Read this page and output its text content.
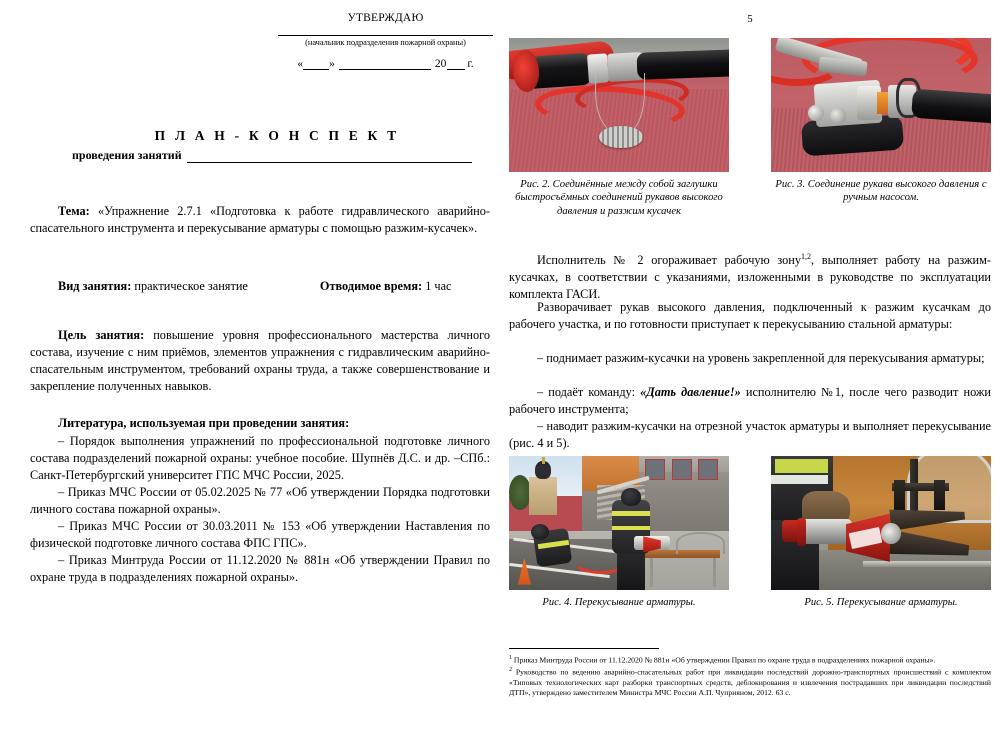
УТВЕРЖДАЮ
(начальник подразделения пожарной охраны)
« »	20 г.
П Л А Н - К О Н С П Е К Т
проведения занятий
Тема: «Упражнение 2.7.1 «Подготовка к работе гидравлического аварийно-спасательного инструмента и перекусывание арматуры с помощью разжим-кусачек».
Вид занятия: практическое занятие	Отводимое время: 1 час
Цель занятия: повышение уровня профессионального мастерства личного состава, изучение с ним приёмов, элементов упражнения с гидравлическим аварийно-спасательным инструментом, требований охраны труда, а также совершенствование и закрепление полученных навыков.
Литература, используемая при проведении занятия:
– Порядок выполнения упражнений по профессиональной подготовке личного состава подразделений пожарной охраны: учебное пособие. Шупнёв Д.С. и др. –СПб.: Санкт-Петербургский университет ГПС МЧС России, 2025.
– Приказ МЧС России от 05.02.2025 № 77 «Об утверждении Порядка подготовки личного состава пожарной охраны».
– Приказ МЧС России от 30.03.2011 № 153 «Об утверждении Наставления по физической подготовке личного состава ФПС ГПС».
– Приказ Минтруда России от 11.12.2020 № 881н «Об утверждении Правил по охране труда в подразделениях пожарной охраны».
5
Рис. 2. Соединённые между собой заглушки быстросъёмных соединений рукавов высокого давления и разжим кусачек
Рис. 3. Соединение рукава высокого давления с ручным насосом.
Исполнитель № 2 огораживает рабочую зону$^{1,2}$, выполняет работу на разжим-кусачках, в соответствии с указаниями, изложенными в руководстве по эксплуатации комплекта ГАСИ.
Разворачивает рукав высокого давления, подключенный к разжим кусачкам до рабочего участка, и по готовности приступает к перекусыванию стальной арматуры:
– поднимает разжим-кусачки на уровень закрепленной для перекусывания арматуры;
– подаёт команду: «Дать давление!» исполнителю №1, после чего разводит ножи рабочего инструмента;
– наводит разжим-кусачки на отрезной участок арматуры и выполняет перекусывание (рис. 4 и 5).
Рис. 4. Перекусывание арматуры.	Рис. 5. Перекусывание арматуры.
$^1$ Приказ Минтруда России от 11.12.2020 № 881н «Об утверждении Правил по охране труда в подразделениях пожарной охраны».
$^2$ Руководство по ведению аварийно-спасательных работ при ликвидации последствий дорожно-транспортных происшествий с комплектом «Типовых технологических карт разборки транспортных средств, деблокирования и извлечения пострадавших при ликвидации последствий ДТП», утверждено заместителем Министра МЧС России А.П. Чуприяном, 2012. 63 с.
